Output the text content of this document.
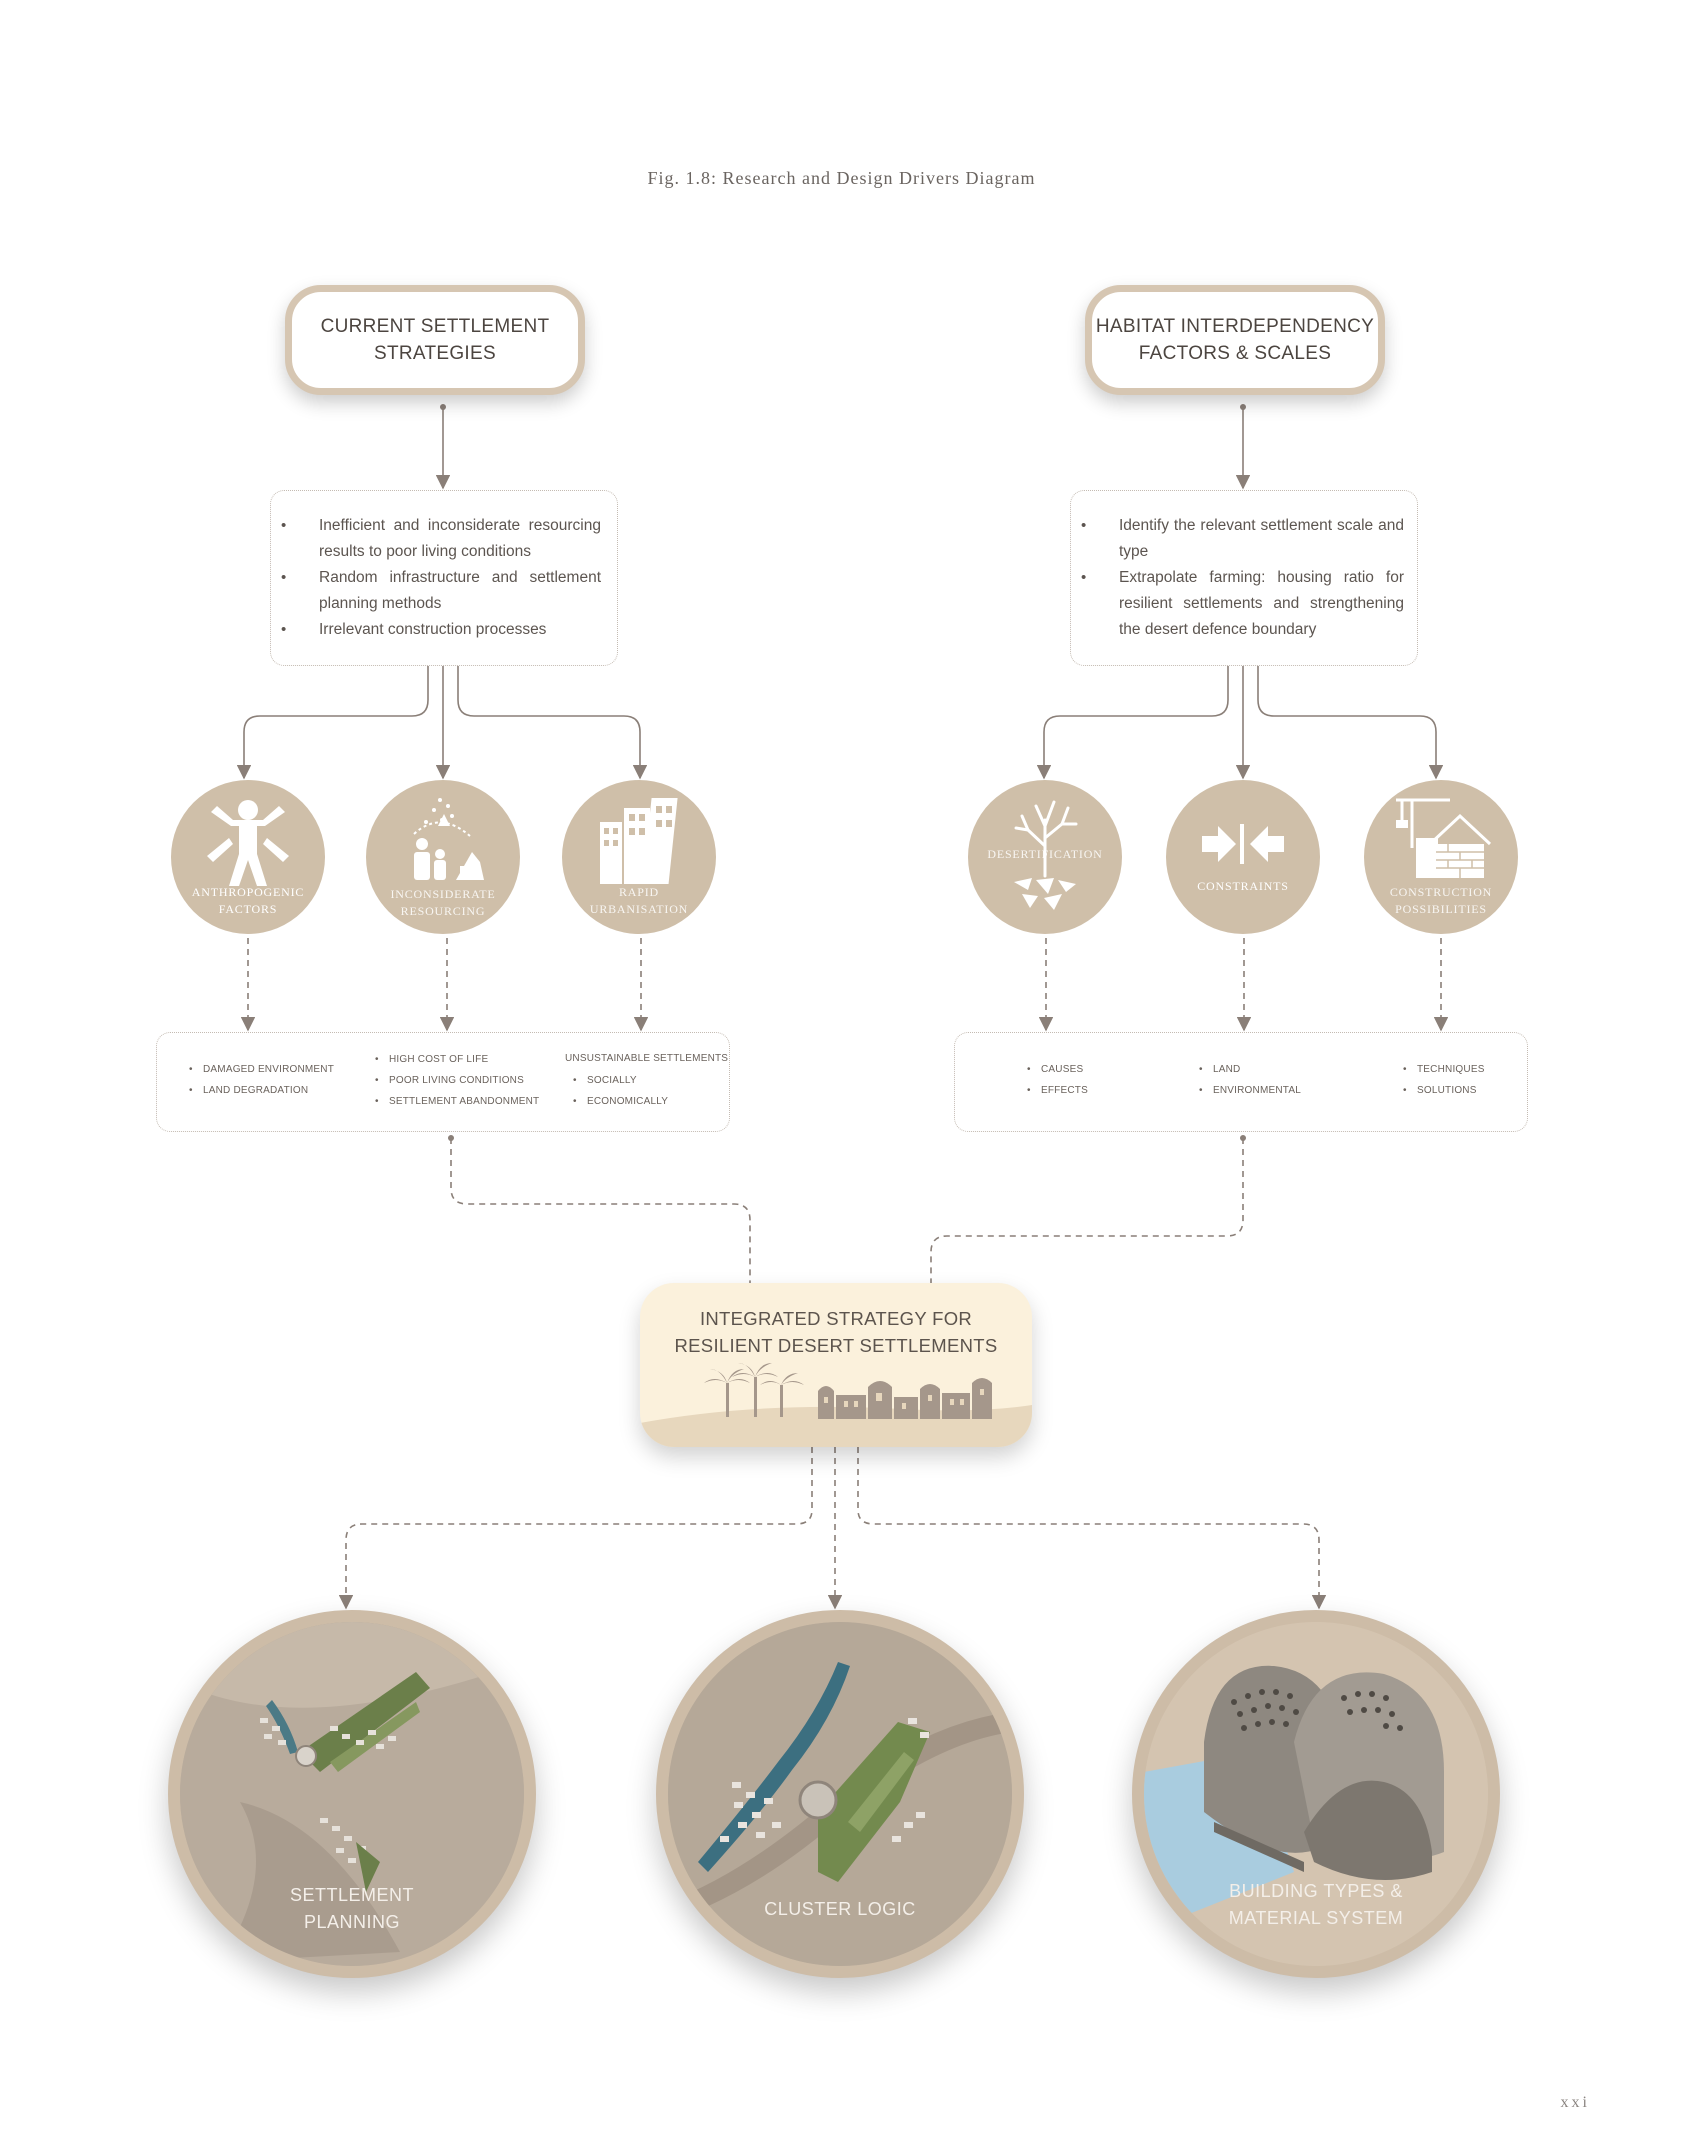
Fig. 1.8: Research and Design Drivers Diagram
CURRENT SETTLEMENT
STRATEGIES
• Inefficient and inconsiderate resourcing results to poor living conditions
• Random infrastructure and settlement planning methods
• Irrelevant construction processes
ANTHROPOGENIC
FACTORS
INCONSIDERATE
RESOURCING
RAPID
URBANISATION
• DAMAGED ENVIRONMENT
• LAND DEGRADATION
• HIGH COST OF LIFE
• POOR LIVING CONDITIONS
• SETTLEMENT ABANDONMENT
UNSUSTAINABLE SETTLEMENTS
• SOCIALLY
• ECONOMICALLY
HABITAT INTERDEPENDENCY
FACTORS & SCALES
• Identify the relevant settlement scale and type
• Extrapolate farming: housing ratio for resilient settlements and strengthening the desert defence boundary
DESERTIFICATION
CONSTRAINTS	CONSTRUCTION
POSSIBILITIES
• CAUSES
• EFFECTS
• LAND
• ENVIRONMENTAL
• TECHNIQUES
• SOLUTIONS
INTEGRATED STRATEGY FOR
RESILIENT DESERT SETTLEMENTS
SETTLEMENT
PLANNING
CLUSTER LOGIC
BUILDING TYPES &
MATERIAL SYSTEM
xxi
